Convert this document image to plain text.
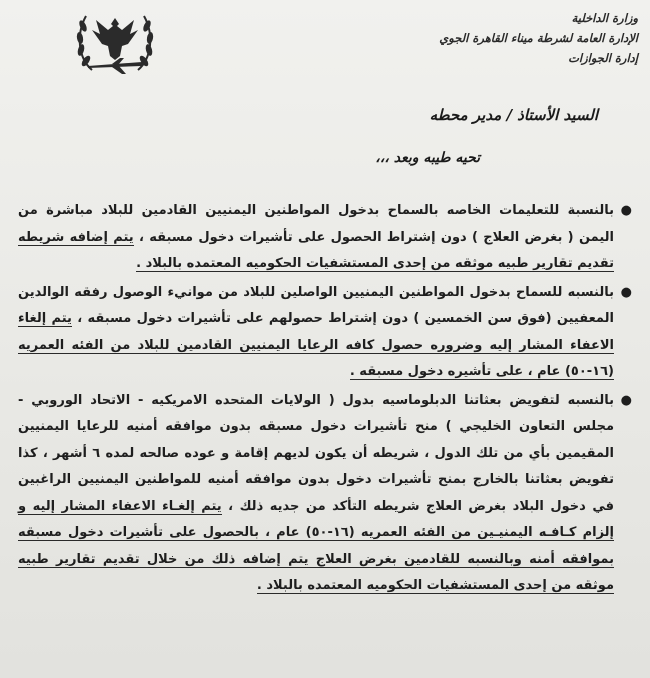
وزارة الداخلية
الإدارة العامة لشرطة ميناء القاهرة الجوي
إدارة الجوازات
السيد الأستاذ / مدير محطه
تحيه طيبه وبعد ،،،
●
بالنسبة للتعليمات الخاصه بالسماح بدخول المواطنين اليمنيين القادمين للبلاد مباشرة من اليمن ( بغرض العلاج ) دون إشتراط الحصول على تأشيرات دخول مسبقه ، يتم إضافه شريطه تقديم تقارير طبيه موثقه من إحدى المستشفيات الحكوميه المعتمده بالبلاد .
●
بالنسبه للسماح بدخول المواطنين اليمنيين الواصلين للبلاد من موانيء الوصول رفقه الوالدين المعفيين (فوق سن الخمسين ) دون إشتراط حصولهم على تأشيرات دخول مسبقه ، يتم إلغاء الاعفاء المشار إليه وضروره حصول كافه الرعايا اليمنيين القادمين للبلاد من الفئه العمريه (١٦-٥٠) عام ، على تأشيره دخول مسبقه .
●
بالنسبه لتفويض بعثاتنا الدبلوماسيه بدول ( الولايات المتحده الامريكيه - الاتحاد الوروبي - مجلس التعاون الخليجي ) منح تأشيرات دخول مسبقه بدون موافقه أمنيه للرعايا اليمنيين المقيمين بأي من تلك الدول ، شريطه أن يكون لديهم إقامة و عوده صالحه لمده ٦ أشهر ، كذا تفويض بعثاتنا بالخارج بمنح تأشيرات دخول بدون موافقه أمنيه للمواطنين اليمنيين الراغبين في دخول البلاد بغرض العلاج شريطه التأكد من جديه ذلك ، يتم إلغـاء الاعفاء المشار إليه و إلزام كـافـه اليمنيـين من الفئه العمريه (١٦-٥٠) عام ، بالحصول على تأشيرات دخول مسبقه بموافقه أمنه وبالنسبه للقادمين بغرض العلاج يتم إضافه ذلك من خلال تقديم تقارير طبيه موثقه من إحدى المستشفيات الحكوميه المعتمده بالبلاد .
